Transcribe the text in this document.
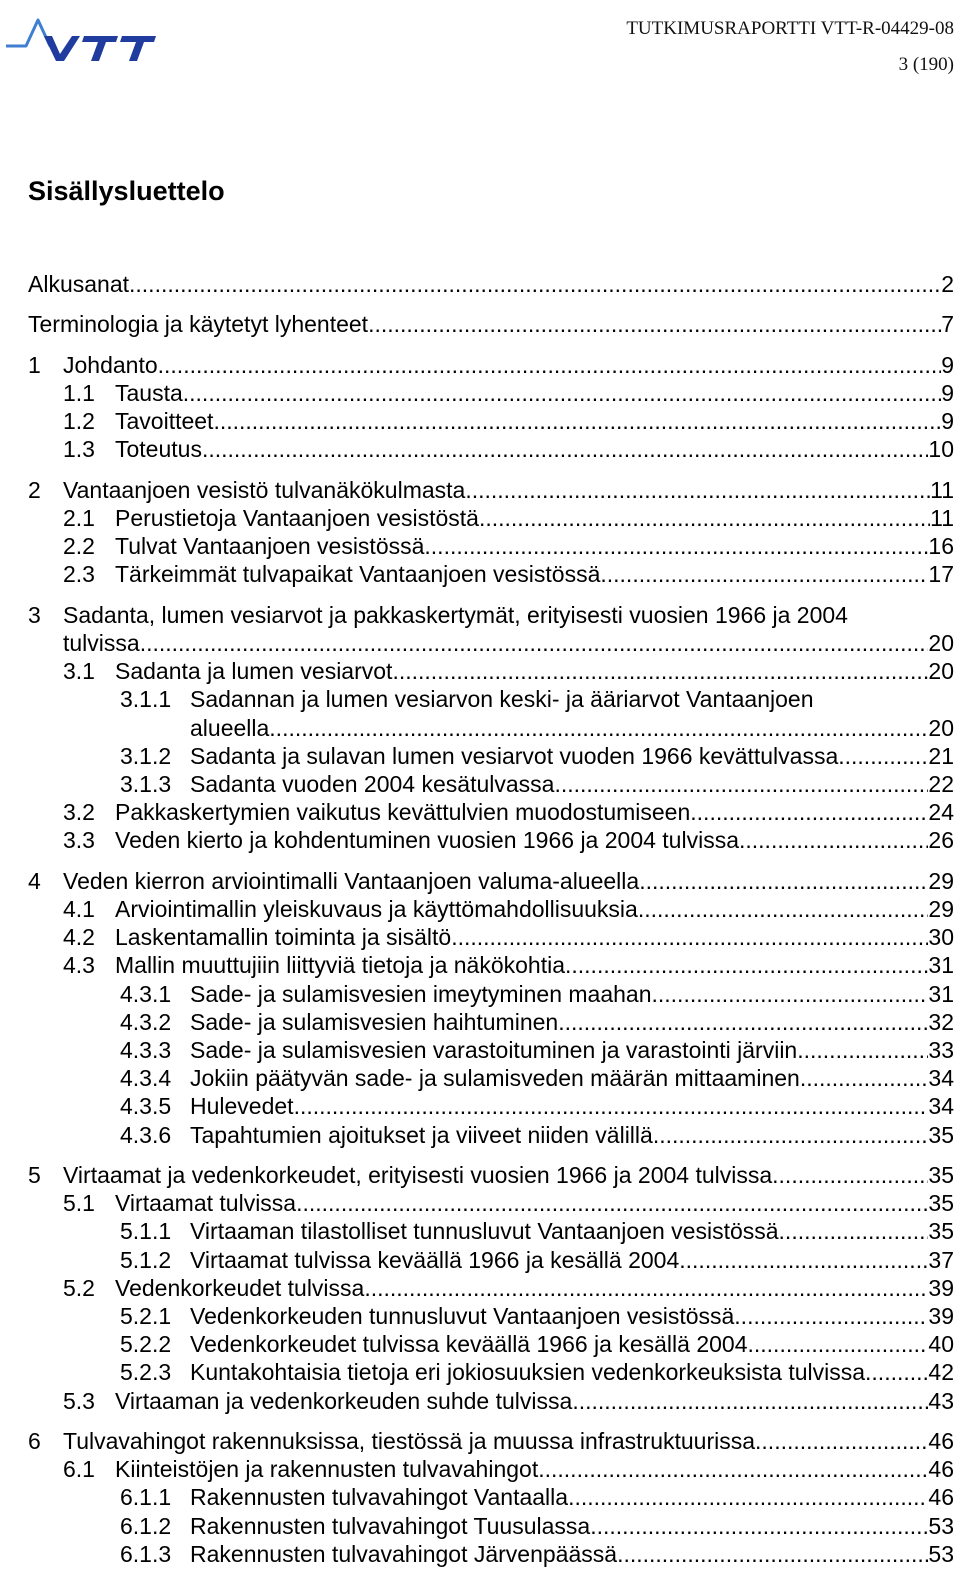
TUTKIMUSRAPORTTI VTT-R-04429-08
3 (190)
Sisällysluettelo
Alkusanat .....	2
Terminologia ja käytetyt lyhenteet .....	7
1 Johdanto .....	9
1.1 Tausta .....	9
1.2 Tavoitteet .....	9
1.3 Toteutus .....	10
2 Vantaanjoen vesistö tulvanäkökulmasta .....	11
2.1 Perustietoja Vantaanjoen vesistöstä .....	11
2.2 Tulvat Vantaanjoen vesistössä .....	16
2.3 Tärkeimmät tulvapaikat Vantaanjoen vesistössä .....	17
3 Sadanta, lumen vesiarvot ja pakkaskertymät, erityisesti vuosien 1966 ja 2004
tulvissa .....	20
3.1 Sadanta ja lumen vesiarvot .....	20
3.1.1 Sadannan ja lumen vesiarvon keski- ja ääriarvot Vantaanjoen
alueella .....	20
3.1.2 Sadanta ja sulavan lumen vesiarvot vuoden 1966 kevättulvassa .....	21
3.1.3 Sadanta vuoden 2004 kesätulvassa .....	22
3.2 Pakkaskertymien vaikutus kevättulvien muodostumiseen .....	24
3.3 Veden kierto ja kohdentuminen vuosien 1966 ja 2004 tulvissa .....	26
4 Veden kierron arviointimalli Vantaanjoen valuma-alueella .....	29
4.1 Arviointimallin yleiskuvaus ja käyttömahdollisuuksia .....	29
4.2 Laskentamallin toiminta ja sisältö .....	30
4.3 Mallin muuttujiin liittyviä tietoja ja näkökohtia .....	31
4.3.1 Sade- ja sulamisvesien imeytyminen maahan .....	31
4.3.2 Sade- ja sulamisvesien haihtuminen .....	32
4.3.3 Sade- ja sulamisvesien varastoituminen ja varastointi järviin .....	33
4.3.4 Jokiin päätyvän sade- ja sulamisveden määrän mittaaminen .....	34
4.3.5 Hulevedet .....	34
4.3.6 Tapahtumien ajoitukset ja viiveet niiden välillä .....	35
5 Virtaamat ja vedenkorkeudet, erityisesti vuosien 1966 ja 2004 tulvissa .....	35
5.1 Virtaamat tulvissa .....	35
5.1.1 Virtaaman tilastolliset tunnusluvut Vantaanjoen vesistössä .....	35
5.1.2 Virtaamat tulvissa keväällä 1966 ja kesällä 2004 .....	37
5.2 Vedenkorkeudet tulvissa .....	39
5.2.1 Vedenkorkeuden tunnusluvut Vantaanjoen vesistössä .....	39
5.2.2 Vedenkorkeudet tulvissa keväällä 1966 ja kesällä 2004 .....	40
5.2.3 Kuntakohtaisia tietoja eri jokiosuuksien vedenkorkeuksista tulvissa .....	42
5.3 Virtaaman ja vedenkorkeuden suhde tulvissa .....	43
6 Tulvavahingot rakennuksissa, tiestössä ja muussa infrastruktuurissa .....	46
6.1 Kiinteistöjen ja rakennusten tulvavahingot .....	46
6.1.1 Rakennusten tulvavahingot Vantaalla .....	46
6.1.2 Rakennusten tulvavahingot Tuusulassa .....	53
6.1.3 Rakennusten tulvavahingot Järvenpäässä .....	53
